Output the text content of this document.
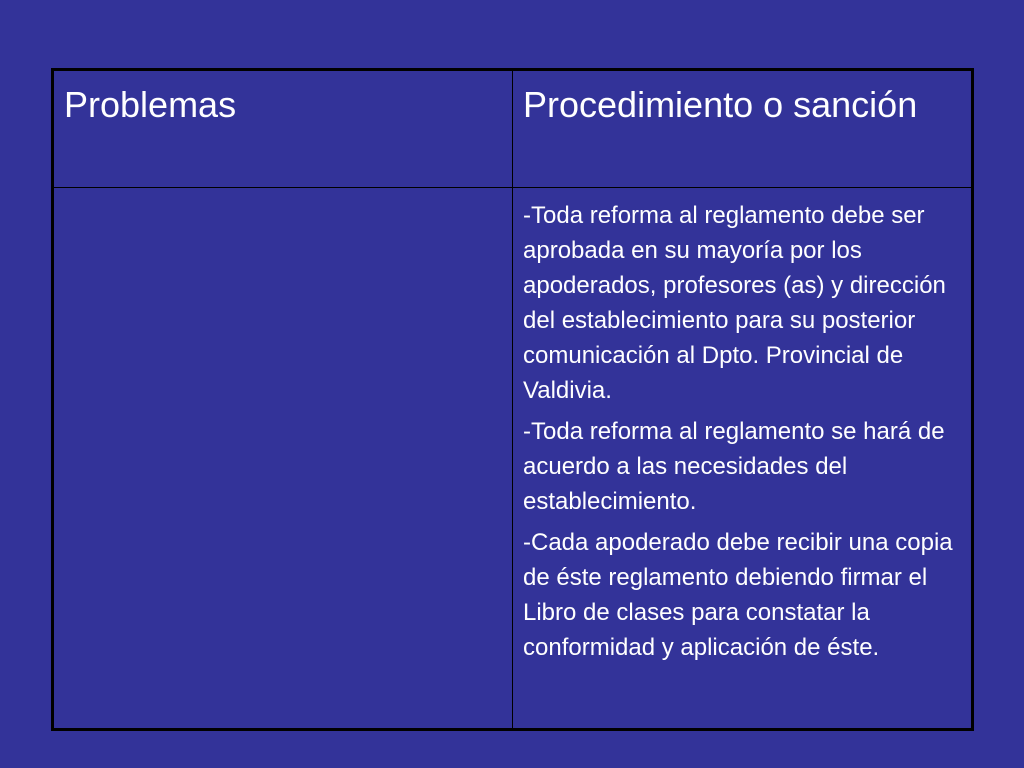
Problemas	Procedimiento o sanción

	-Toda reforma al reglamento debe ser aprobada en su mayoría por los apoderados, profesores (as) y dirección del establecimiento para su posterior comunicación al Dpto. Provincial de Valdivia.

-Toda reforma al reglamento se hará de acuerdo a las necesidades del establecimiento.

-Cada apoderado debe recibir una copia de éste reglamento debiendo firmar el Libro de clases para constatar la conformidad y aplicación de éste.
